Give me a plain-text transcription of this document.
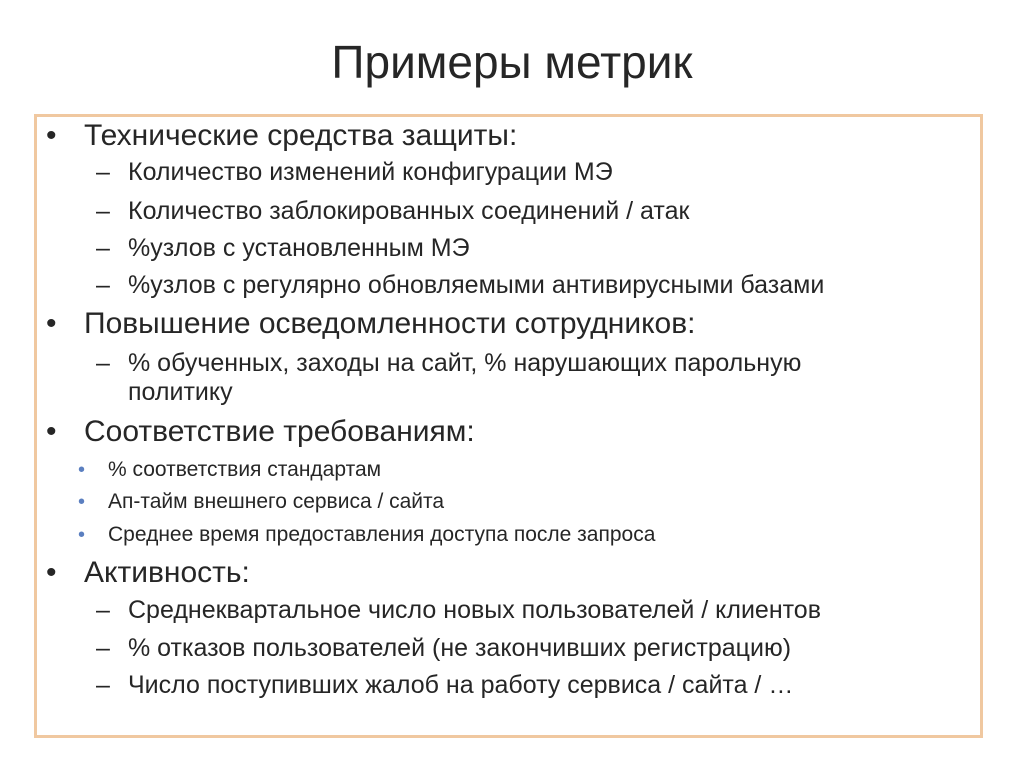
Примеры метрик
• Технические средства защиты:
– Количество изменений конфигурации МЭ
– Количество заблокированных соединений / атак
– %узлов с установленным МЭ
– %узлов с регулярно обновляемыми антивирусными базами
• Повышение осведомленности сотрудников:
– % обученных, заходы на сайт, % нарушающих парольную
политику
• Соответствие требованиям:
• % соответствия стандартам
• Ап-тайм внешнего сервиса / сайта
• Среднее время предоставления доступа после запроса
• Активность:
– Среднеквартальное число новых пользователей / клиентов
– % отказов пользователей (не закончивших регистрацию)
– Число поступивших жалоб на работу сервиса / сайта / …
